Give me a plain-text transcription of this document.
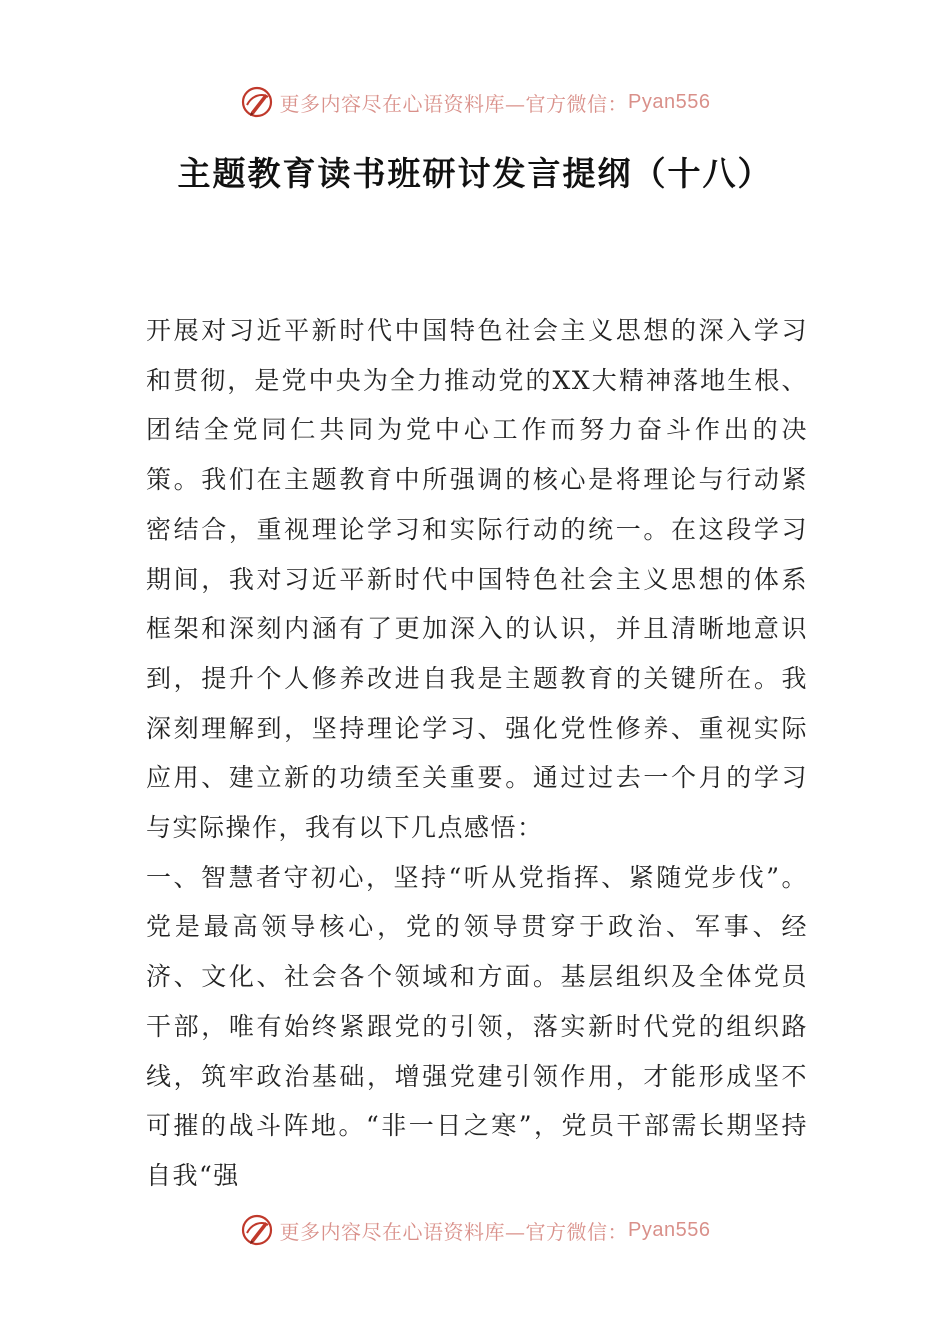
更多内容尽在心语资料库—官方微信： Pyan556
主题教育读书班研讨发言提纲（十八）

开展对习近平新时代中国特色社会主义思想的深入学习和贯彻，是党中央为全力推动党的XX大精神落地生根、团结全党同仁共同为党中心工作而努力奋斗作出的决策。我们在主题教育中所强调的核心是将理论与行动紧密结合，重视理论学习和实际行动的统一。在这段学习期间，我对习近平新时代中国特色社会主义思想的体系框架和深刻内涵有了更加深入的认识，并且清晰地意识到，提升个人修养改进自我是主题教育的关键所在。我深刻理解到，坚持理论学习、强化党性修养、重视实际应用、建立新的功绩至关重要。通过过去一个月的学习与实际操作，我有以下几点感悟：

一、智慧者守初心，坚持“听从党指挥、紧随党步伐”。党是最高领导核心，党的领导贯穿于政治、军事、经济、文化、社会各个领域和方面。基层组织及全体党员干部，唯有始终紧跟党的引领，落实新时代党的组织路线，筑牢政治基础，增强党建引领作用，才能形成坚不可摧的战斗阵地。“非一日之寒”，党员干部需长期坚持自我“强

更多内容尽在心语资料库—官方微信： Pyan556
